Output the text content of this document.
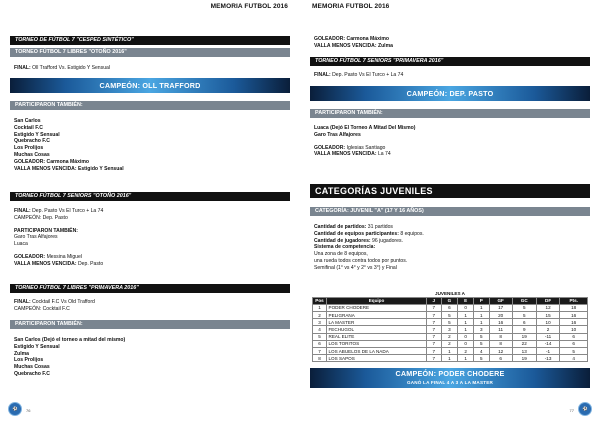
MEMORIA FUTBOL 2016
TORNEO DE FÚTBOL 7 "CESPED SINTÉTICO"
TORNEO FÚTBOL 7 LIBRES "OTOÑO 2016"
FINAL: Oll Trafford Vs. Estigido Y Sensual
CAMPEÓN: OLL TRAFFORD
PARTICIPARON TAMBIÉN:
San Carlos
Cocktail F.C
Estigido Y Sensual
Quebracho F.C
Los Prolijos
Muchas Cosas
GOLEADOR: Carmona Máximo
VALLA MENOS VENCIDA: Estigido Y Sensual
TORNEO FÚTBOL 7 SENIORS "OTOÑO 2016"
FINAL: Dep. Pasto Vs El Turco + La 74
CAMPEÓN: Dep. Pasto
PARTICIPARON TAMBIÉN:
Garo Tras Alfajores
Luaca
GOLEADOR: Messina Miguel
VALLA MENOS VENCIDA: Dep. Pasto
TORNEO FÚTBOL 7 LIBRES "PRIMAVERA 2016"
FINAL: Cocktail F.C Vs Old Trafford
CAMPEÓN: Cocktail F.C
PARTICIPARON TAMBIÉN:
San Carlos (Dejó el torneo a mitad del mismo)
Estigido Y Sensual
Zulma
Los Prolijos
Muchas Cosas
Quebracho F.C
⚽	76
MEMORIA FUTBOL 2016
GOLEADOR: Carmona Máximo
VALLA MENOS VENCIDA: Zulma
TORNEO FÚTBOL 7 SENIORS "PRIMAVERA 2016"
FINAL: Dep. Pasto Vs El Turco + La 74
CAMPEÓN: DEP. PASTO
PARTICIPARON TAMBIÉN:
Luaca (Dejó El Torneo A Mitad Del Mismo)
Garo Tras Alfajores
GOLEADOR: Iglesias Santiago
VALLA MENOS VENCIDA: La 74
CATEGORÍAS JUVENILES
CATEGORÍA: JUVENIL "A" (17 Y 16 AÑOS)
Cantidad de partidos: 31 partidos
Cantidad de equipos participantes: 8 equipos.
Cantidad de jugadores: 96 jugadores.
Sistema de competencia:
Una zona de 8 equipos,
una rueda todos contra todos por puntos.
Semifinal (1° vs 4° y 2° vs 3°) y Final
JUVENILES A									
Pos	Equipo	J	G	E	P	GF	GC	DF	Pts.
1	PODER CHODERE	7	6	0	1	17	5	12	18
2	PELIGRANA	7	5	1	1	20	5	15	16
3	LA MASTER	7	5	1	1	16	6	10	16
4	FECHUGOL	7	3	1	3	11	9	2	10
5	REAL ELITE	7	2	0	5	8	19	-11	6
6	LOS TORITOS	7	2	0	5	8	22	-14	6
7	LOS ABUELOS DE LA NADA	7	1	2	4	12	13	-1	5
8	LOS SAPOS	7	1	1	5	6	19	-13	4
CAMPEÓN: PODER CHODERE
GANÓ LA FINAL 4 A 3 A LA MASTER
⚽
77
